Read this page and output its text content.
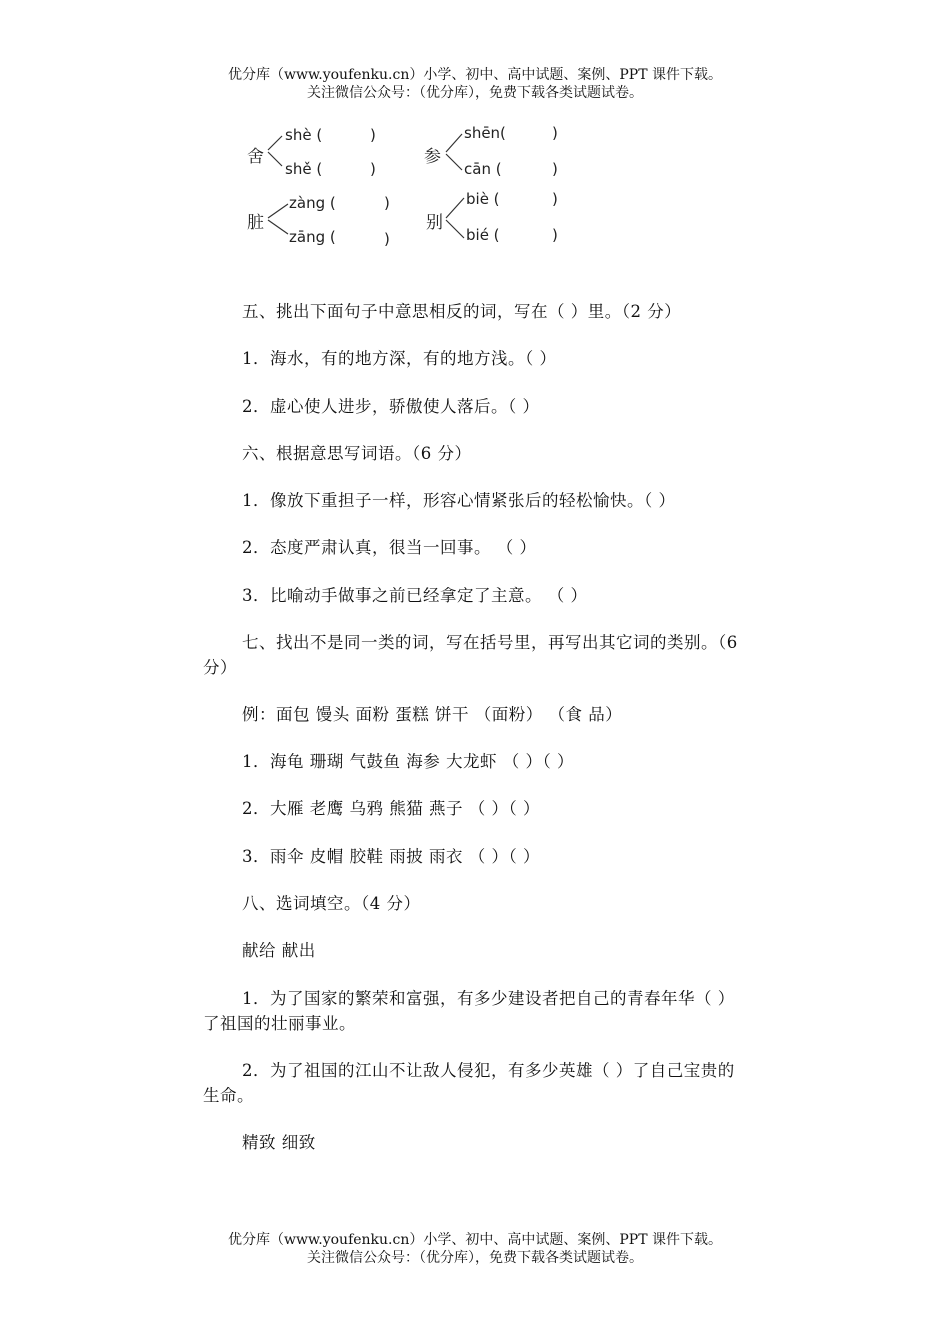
优分库（www.youfenku.cn）小学、初中、高中试题、案例、PPT 课件下载。
关注微信公众号：（优分库），免费下载各类试题试卷。
舍
shè (	)
shě (	)
参
shēn(	)
cān (	)
脏
zàng (	)
zāng (	)
别
biè (	)
bié (	)
五、挑出下面句子中意思相反的词，写在（ ）里。（2 分）
1．海水，有的地方深，有的地方浅。（ ）
2．虚心使人进步，骄傲使人落后。（ ）
六、根据意思写词语。（6 分）
1．像放下重担子一样，形容心情紧张后的轻松愉快。（ ）
2．态度严肃认真，很当一回事。 （ ）
3．比喻动手做事之前已经拿定了主意。 （ ）
七、找出不是同一类的词，写在括号里，再写出其它词的类别。（6
分）
例：面包 馒头 面粉 蛋糕 饼干 （面粉） （食 品）
1．海龟 珊瑚 气鼓鱼 海参 大龙虾 （ ）（ ）
2．大雁 老鹰 乌鸦 熊猫 燕子 （ ）（ ）
3．雨伞 皮帽 胶鞋 雨披 雨衣 （ ）（ ）
八、选词填空。（4 分）
献给 献出
1．为了国家的繁荣和富强，有多少建设者把自己的青春年华（ ）
了祖国的壮丽事业。
2．为了祖国的江山不让敌人侵犯，有多少英雄（ ）了自己宝贵的
生命。
精致 细致
优分库（www.youfenku.cn）小学、初中、高中试题、案例、PPT 课件下载。
关注微信公众号：（优分库），免费下载各类试题试卷。
